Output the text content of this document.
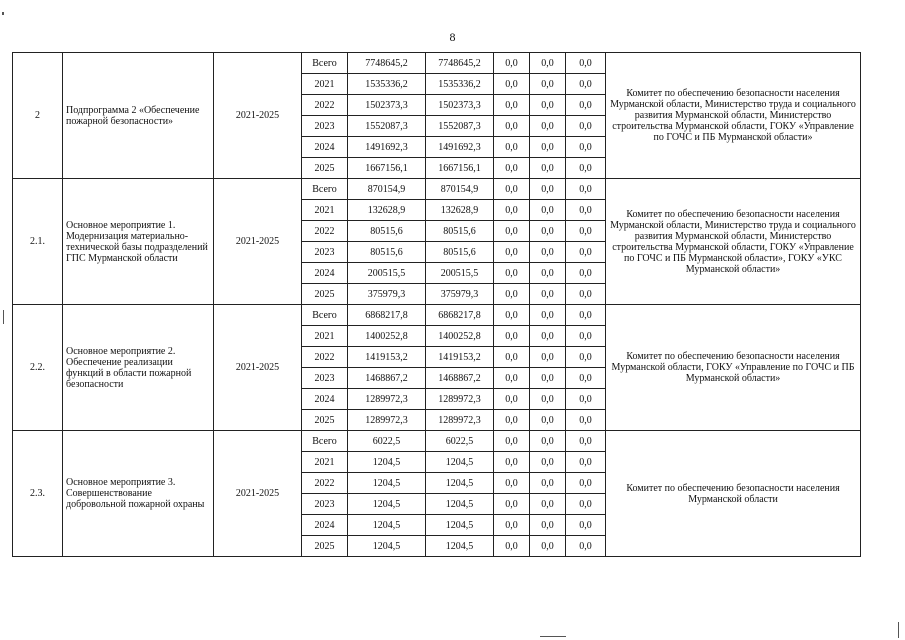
8
2	Подпрограмма 2 «Обеспечение пожарной безопасности»	2021-2025	Всего	7748645,2	7748645,2	0,0	0,0	0,0	Комитет по обеспечению безопасности населения Мурманской области, Министерство труда и социального развития Мурманской области, Министерство строительства Мурманской области, ГОКУ «Управление по ГОЧС и ПБ Мурманской области»
			2021	1535336,2	1535336,2	0,0	0,0	0,0	
			2022	1502373,3	1502373,3	0,0	0,0	0,0	
			2023	1552087,3	1552087,3	0,0	0,0	0,0	
			2024	1491692,3	1491692,3	0,0	0,0	0,0	
			2025	1667156,1	1667156,1	0,0	0,0	0,0	
2.1.	Основное мероприятие 1. Модернизация материально-технической базы подразделений ГПС Мурманской области	2021-2025	Всего	870154,9	870154,9	0,0	0,0	0,0	Комитет по обеспечению безопасности населения Мурманской области, Министерство труда и социального развития Мурманской области, Министерство строительства Мурманской области, ГОКУ «Управление по ГОЧС и ПБ Мурманской области», ГОКУ «УКС Мурманской области»
			2021	132628,9	132628,9	0,0	0,0	0,0	
			2022	80515,6	80515,6	0,0	0,0	0,0	
			2023	80515,6	80515,6	0,0	0,0	0,0	
			2024	200515,5	200515,5	0,0	0,0	0,0	
			2025	375979,3	375979,3	0,0	0,0	0,0	
2.2.	Основное мероприятие 2. Обеспечение реализации функций в области пожарной безопасности	2021-2025	Всего	6868217,8	6868217,8	0,0	0,0	0,0	Комитет по обеспечению безопасности населения Мурманской области, ГОКУ «Управление по ГОЧС и ПБ Мурманской области»
			2021	1400252,8	1400252,8	0,0	0,0	0,0	
			2022	1419153,2	1419153,2	0,0	0,0	0,0	
			2023	1468867,2	1468867,2	0,0	0,0	0,0	
			2024	1289972,3	1289972,3	0,0	0,0	0,0	
			2025	1289972,3	1289972,3	0,0	0,0	0,0	
2.3.	Основное мероприятие 3. Совершенствование добровольной пожарной охраны	2021-2025	Всего	6022,5	6022,5	0,0	0,0	0,0	Комитет по обеспечению безопасности населения Мурманской области
			2021	1204,5	1204,5	0,0	0,0	0,0	
			2022	1204,5	1204,5	0,0	0,0	0,0	
			2023	1204,5	1204,5	0,0	0,0	0,0	
			2024	1204,5	1204,5	0,0	0,0	0,0	
			2025	1204,5	1204,5	0,0	0,0	0,0	
